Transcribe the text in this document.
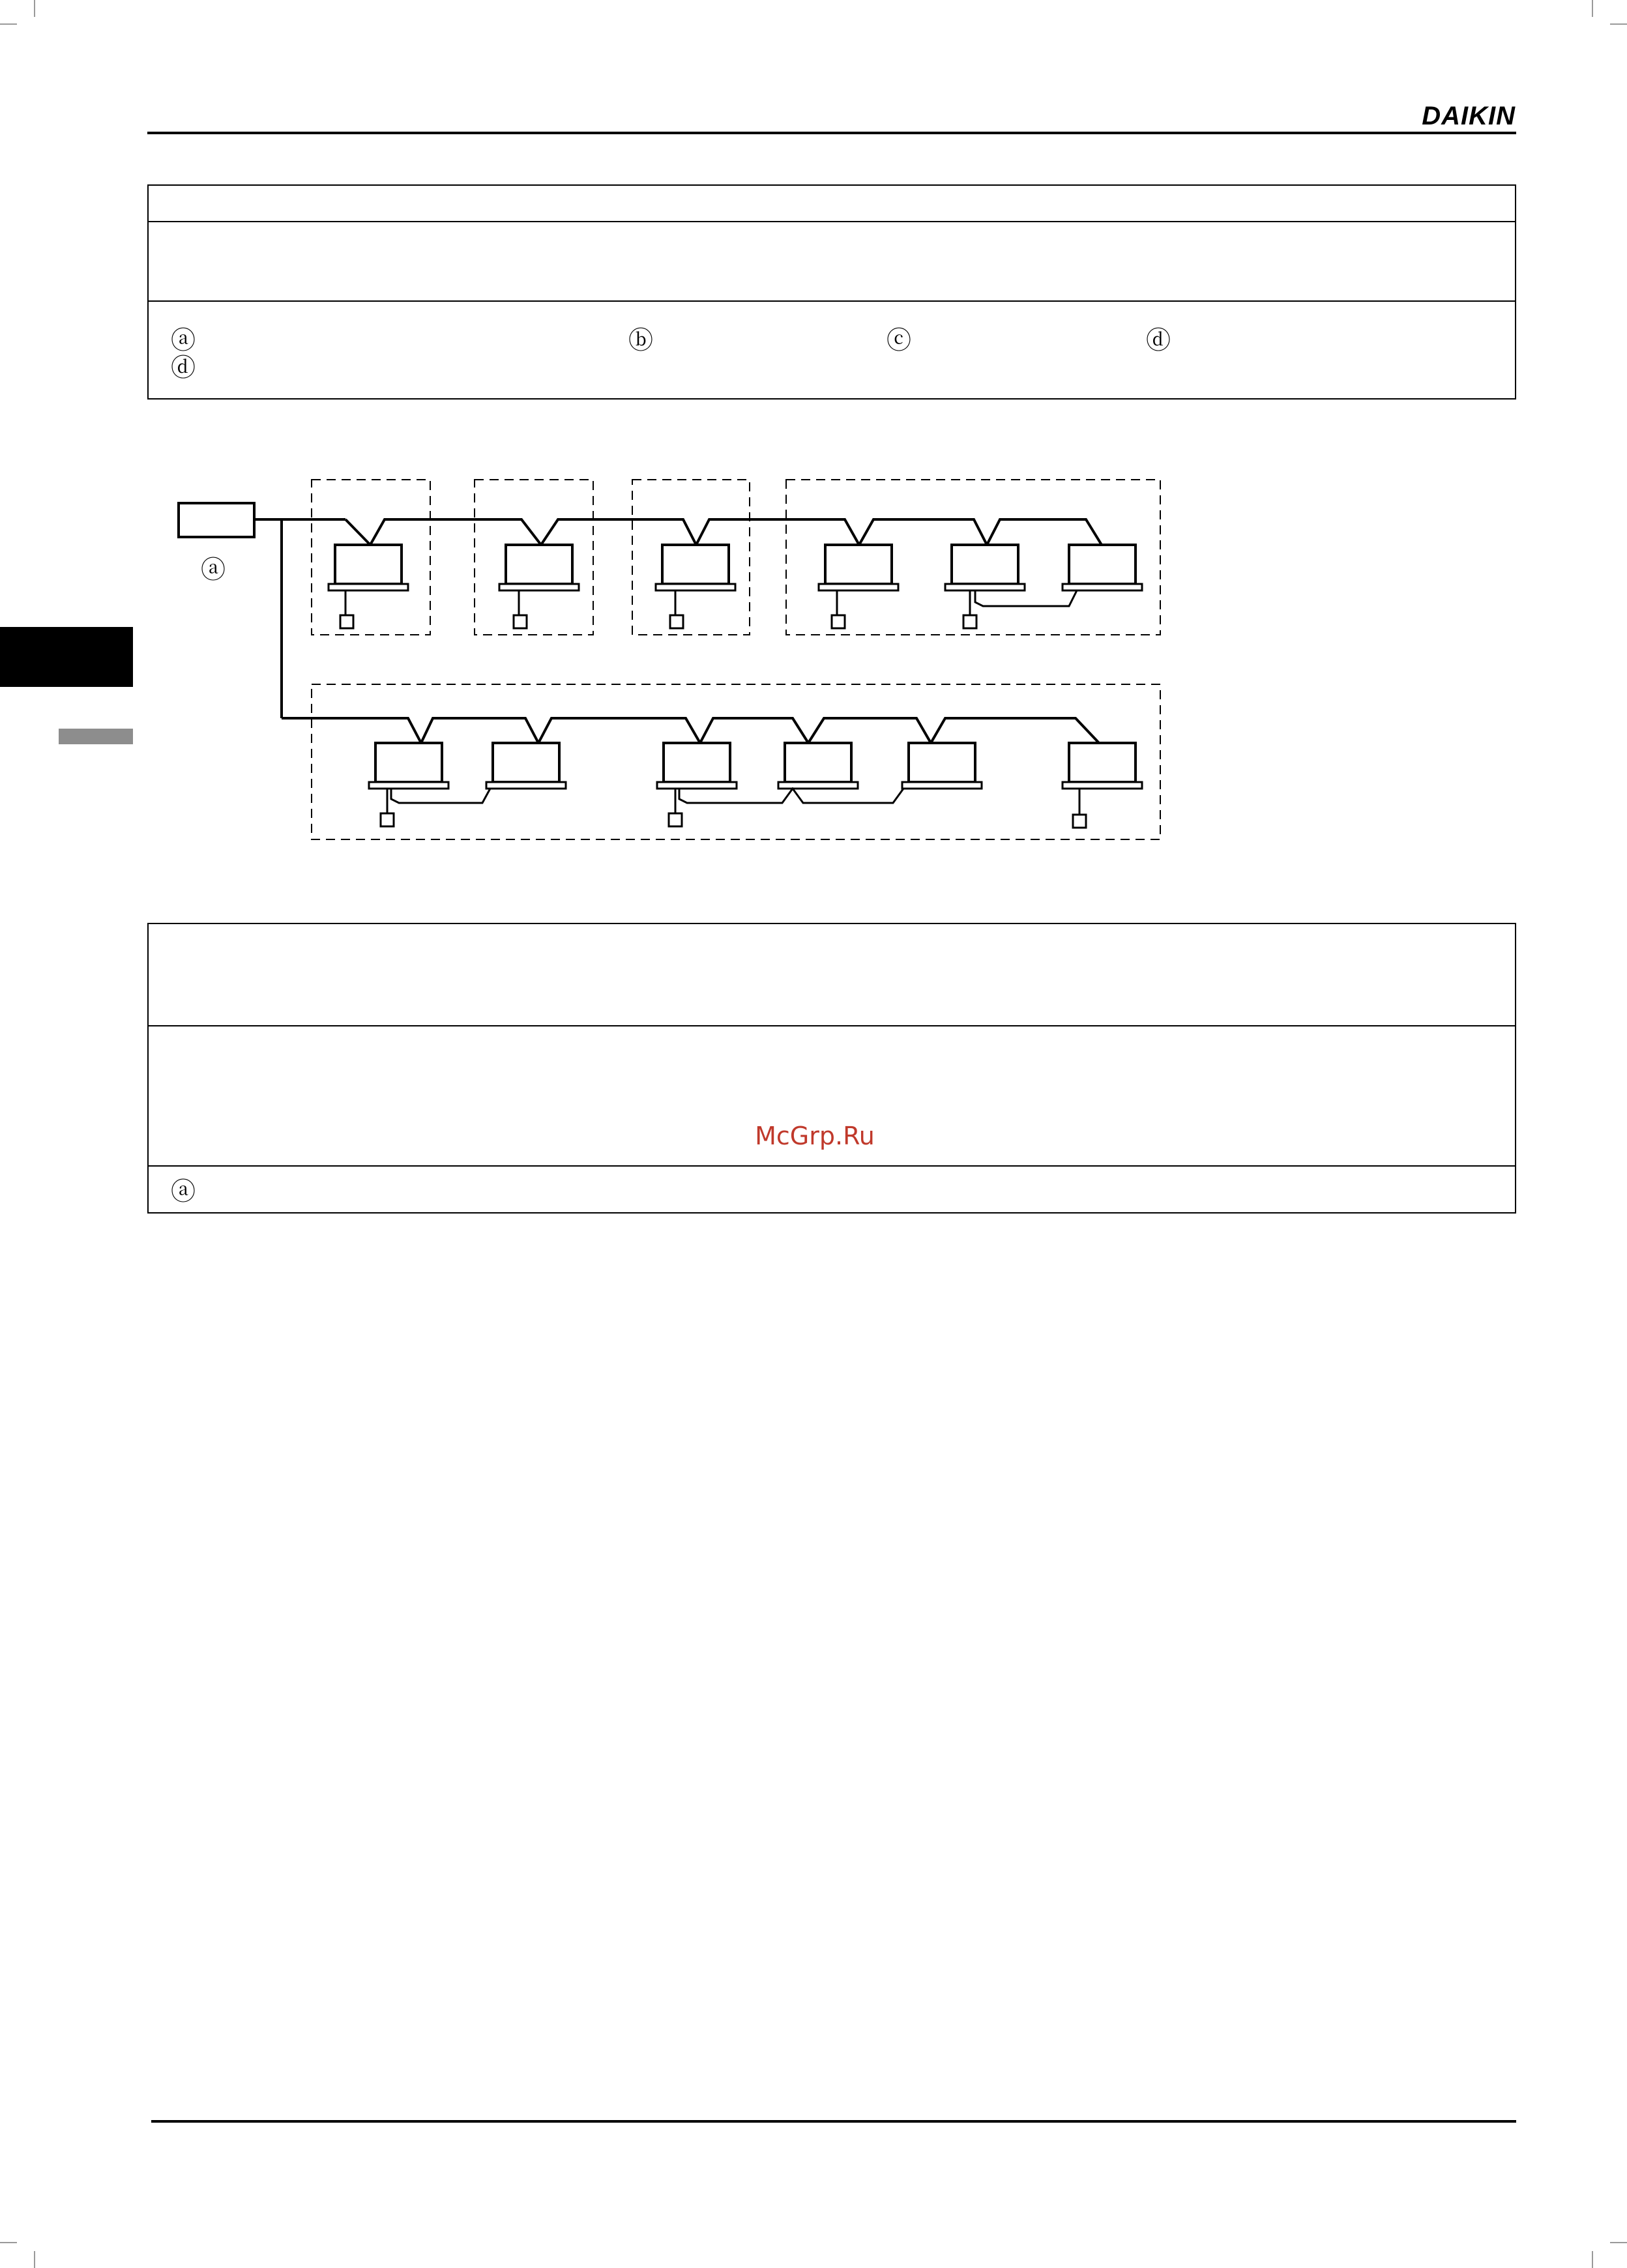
DAIKIN
ⓐ	ⓑ	ⓒ	ⓓ
ⓓ
ⓐ
ⓐ
McGrp.Ru
